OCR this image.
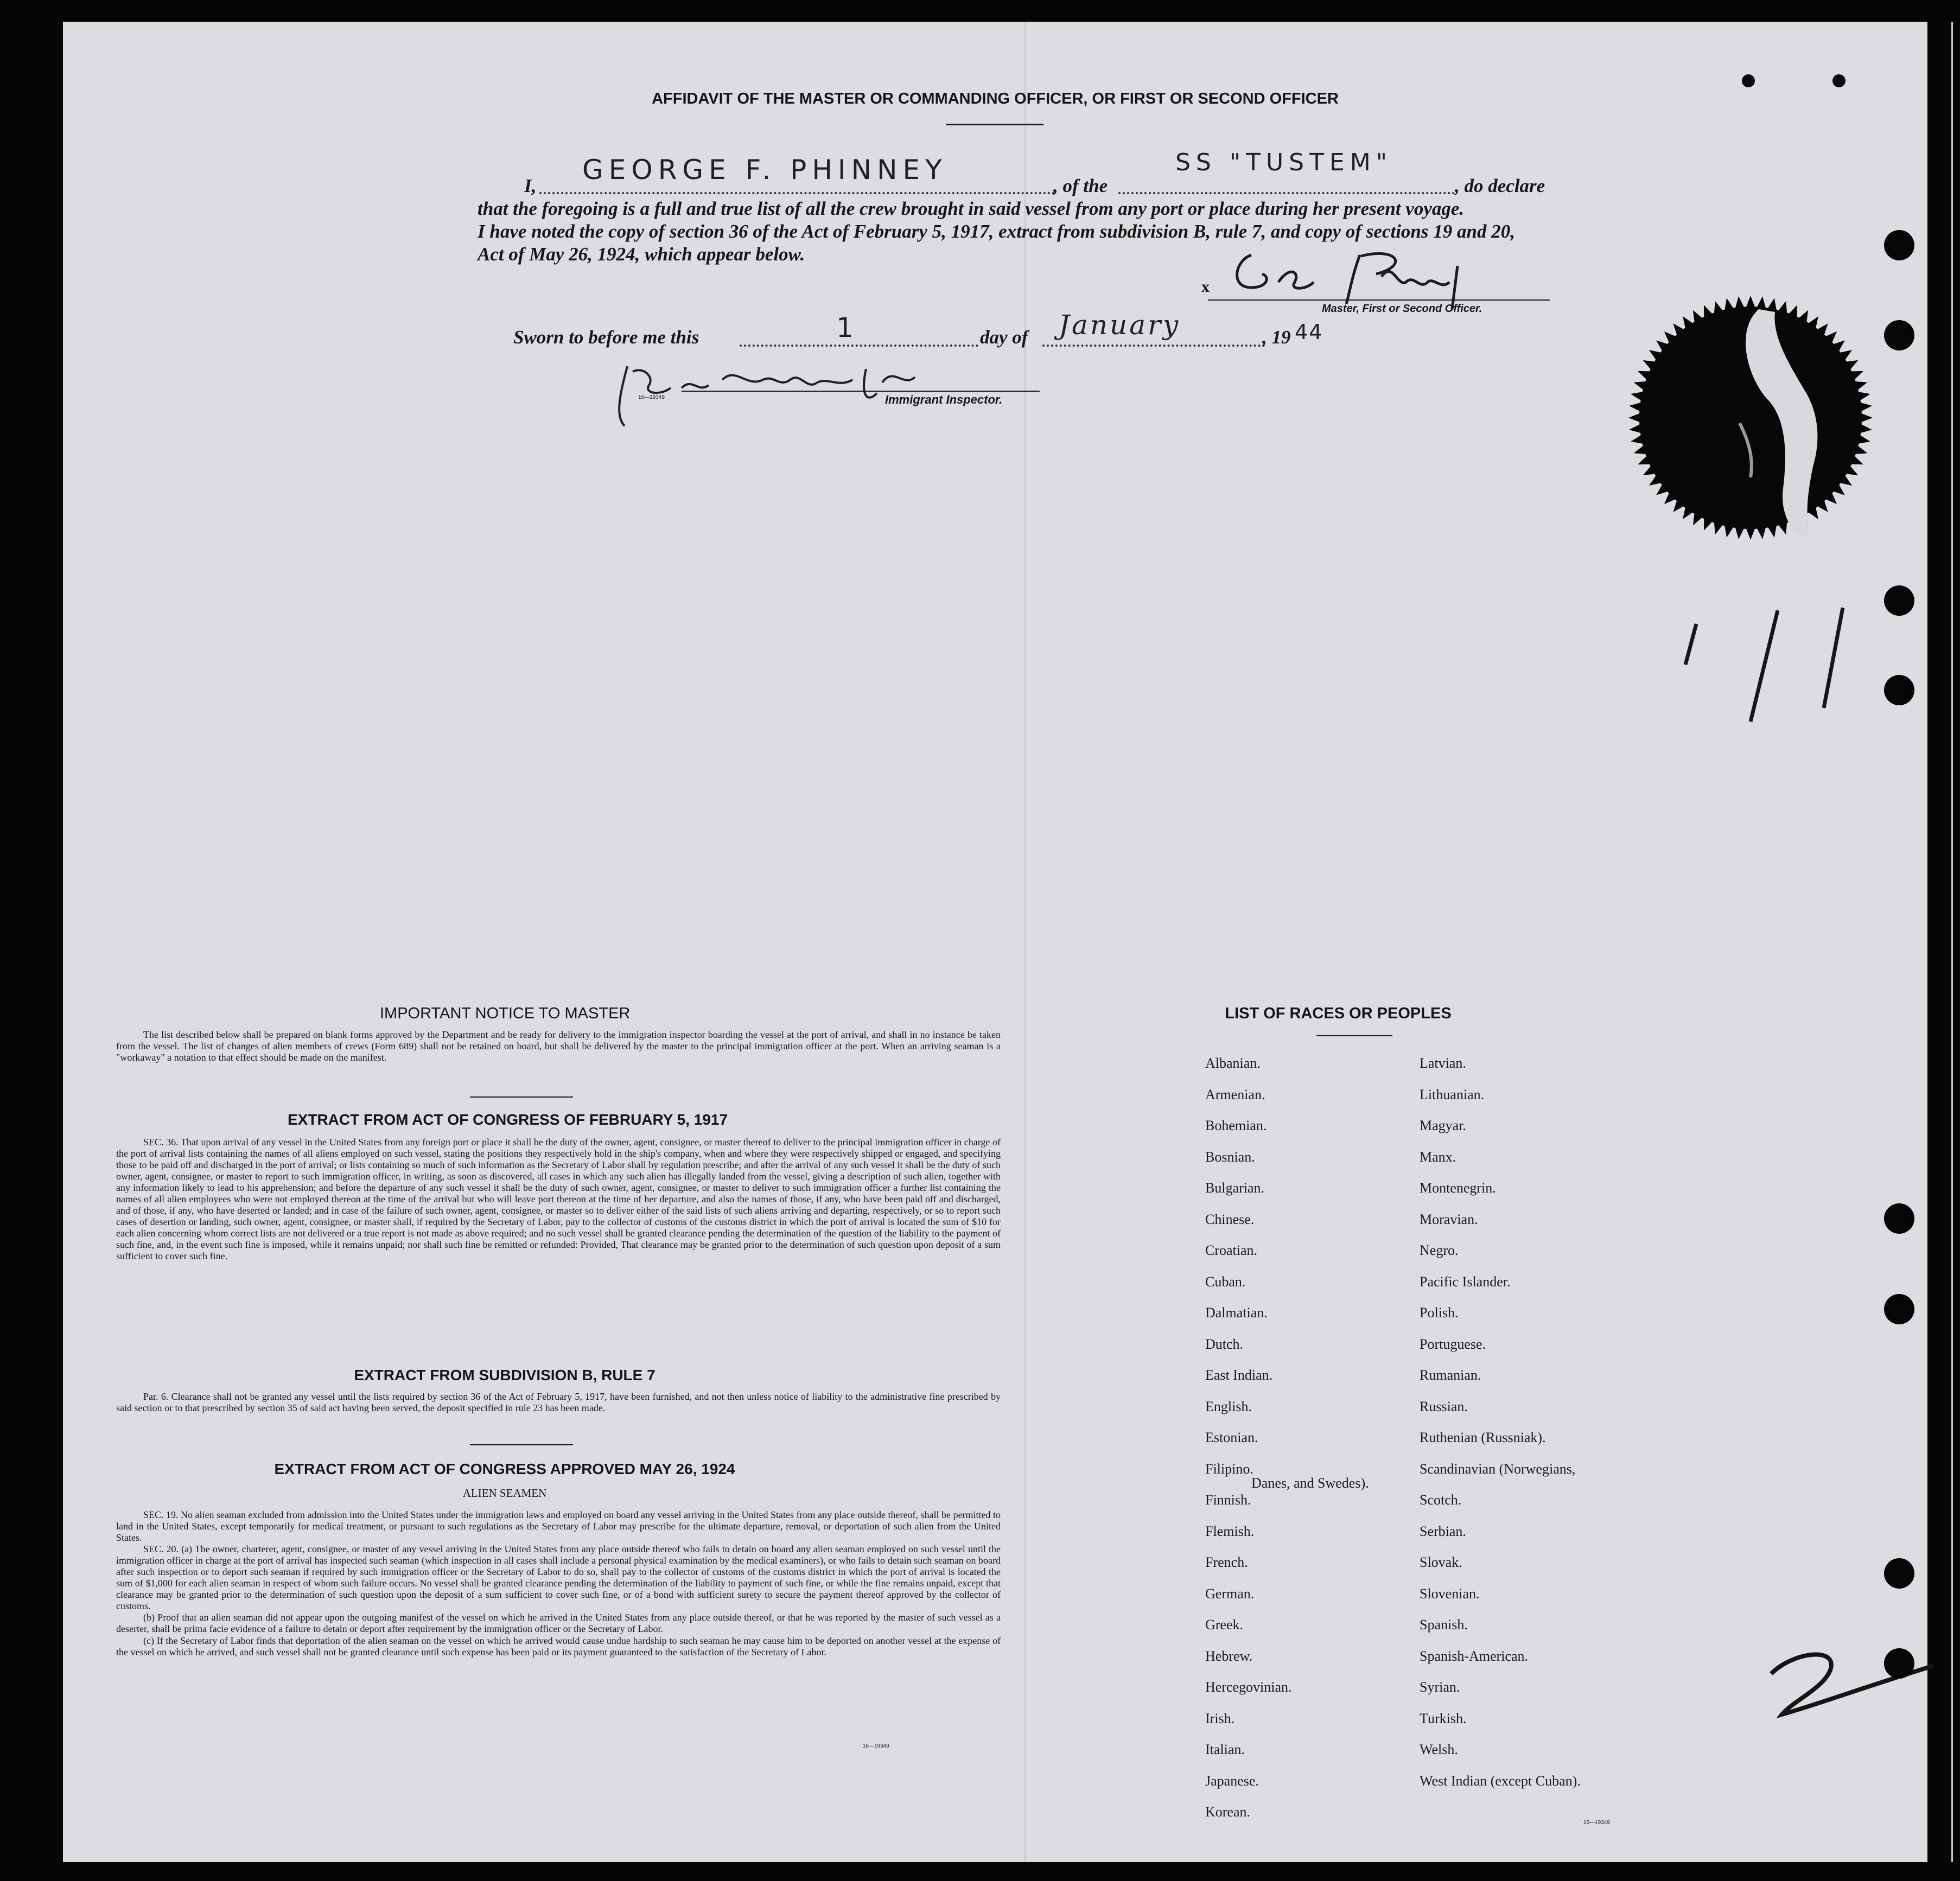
AFFIDAVIT OF THE MASTER OR COMMANDING OFFICER, OR FIRST OR SECOND OFFICER
I,
GEORGE F. PHINNEY
, of the
SS "TUSTEM"
, do declare
that the foregoing is a full and true list of all the crew brought in said vessel from any port or place during her present voyage.
I have noted the copy of section 36 of the Act of February 5, 1917, extract from subdivision B, rule 7, and copy of sections 19 and 20,
Act of May 26, 1924, which appear below.
x
Master, First or Second Officer.
Sworn to before me this	1	day of January	, 19 44
16—19349	Immigrant Inspector.
IMPORTANT NOTICE TO MASTER

The list described below shall be prepared on blank forms approved by the Department and be ready for delivery to the immigration inspector boarding the vessel at the port of arrival, and shall in no instance be taken from the vessel. The list of changes of alien members of crews (Form 689) shall not be retained on board, but shall be delivered by the master to the principal immigration officer at the port. When an arriving seaman is a "workaway" a notation to that effect should be made on the manifest.

EXTRACT FROM ACT OF CONGRESS OF FEBRUARY 5, 1917

SEC. 36. That upon arrival of any vessel in the United States from any foreign port or place it shall be the duty of the owner, agent, consignee, or master thereof to deliver to the principal immigration officer in charge of the port of arrival lists containing the names of all aliens employed on such vessel, stating the positions they respectively hold in the ship's company, when and where they were respectively shipped or engaged, and specifying those to be paid off and discharged in the port of arrival; or lists containing so much of such information as the Secretary of Labor shall by regulation prescribe; and after the arrival of any such vessel it shall be the duty of such owner, agent, consignee, or master to report to such immigration officer, in writing, as soon as discovered, all cases in which any such alien has illegally landed from the vessel, giving a description of such alien, together with any information likely to lead to his apprehension; and before the departure of any such vessel it shall be the duty of such owner, agent, consignee, or master to deliver to such immigration officer a further list containing the names of all alien employees who were not employed thereon at the time of the arrival but who will leave port thereon at the time of her departure, and also the names of those, if any, who have been paid off and discharged, and of those, if any, who have deserted or landed; and in case of the failure of such owner, agent, consignee, or master so to deliver either of the said lists of such aliens arriving and departing, respectively, or so to report such cases of desertion or landing, such owner, agent, consignee, or master shall, if required by the Secretary of Labor, pay to the collector of customs of the customs district in which the port of arrival is located the sum of $10 for each alien concerning whom correct lists are not delivered or a true report is not made as above required; and no such vessel shall be granted clearance pending the determination of the question of the liability to the payment of such fine, and, in the event such fine is imposed, while it remains unpaid; nor shall such fine be remitted or refunded: Provided, That clearance may be granted prior to the determination of such question upon deposit of a sum sufficient to cover such fine.

EXTRACT FROM SUBDIVISION B, RULE 7

Par. 6. Clearance shall not be granted any vessel until the lists required by section 36 of the Act of February 5, 1917, have been furnished, and not then unless notice of liability to the administrative fine prescribed by said section or to that prescribed by section 35 of said act having been served, the deposit specified in rule 23 has been made.

EXTRACT FROM ACT OF CONGRESS APPROVED MAY 26, 1924
ALIEN SEAMEN

SEC. 19. No alien seaman excluded from admission into the United States under the immigration laws and employed on board any vessel arriving in the United States from any place outside thereof, shall be permitted to land in the United States, except temporarily for medical treatment, or pursuant to such regulations as the Secretary of Labor may prescribe for the ultimate departure, removal, or deportation of such alien from the United States.

SEC. 20. (a) The owner, charterer, agent, consignee, or master of any vessel arriving in the United States from any place outside thereof who fails to detain on board any alien seaman employed on such vessel until the immigration officer in charge at the port of arrival has inspected such seaman (which inspection in all cases shall include a personal physical examination by the medical examiners), or who fails to detain such seaman on board after such inspection or to deport such seaman if required by such immigration officer or the Secretary of Labor to do so, shall pay to the collector of customs of the customs district in which the port of arrival is located the sum of $1,000 for each alien seaman in respect of whom such failure occurs. No vessel shall be granted clearance pending the determination of the liability to payment of such fine, or while the fine remains unpaid, except that clearance may be granted prior to the determination of such question upon the deposit of a sum sufficient to cover such fine, or of a bond with sufficient surety to secure the payment thereof approved by the collector of customs.

(b) Proof that an alien seaman did not appear upon the outgoing manifest of the vessel on which he arrived in the United States from any place outside thereof, or that he was reported by the master of such vessel as a deserter, shall be prima facie evidence of a failure to detain or deport after requirement by the immigration officer or the Secretary of Labor.

(c) If the Secretary of Labor finds that deportation of the alien seaman on the vessel on which he arrived would cause undue hardship to such seaman he may cause him to be deported on another vessel at the expense of the vessel on which he arrived, and such vessel shall not be granted clearance until such expense has been paid or its payment guaranteed to the satisfaction of the Secretary of Labor.

16—19349
LIST OF RACES OR PEOPLES
Albanian.
Armenian.
Bohemian.
Bosnian.
Bulgarian.
Chinese.
Croatian.
Cuban.
Dalmatian.
Dutch.
East Indian.
English.
Estonian.
Filipino.
Finnish.
Flemish.
French.
German.
Greek.
Hebrew.
Hercegovinian.
Irish.
Italian.
Japanese.
Korean.
Latvian.
Lithuanian.
Magyar.
Manx.
Montenegrin.
Moravian.
Negro.
Pacific Islander.
Polish.
Portuguese.
Rumanian.
Russian.
Ruthenian (Russniak).
Scandinavian (Norwegians,
Danes, and Swedes).
Scotch.
Serbian.
Slovak.
Slovenian.
Spanish.
Spanish-American.
Syrian.
Turkish.
Welsh.
West Indian (except Cuban).
16—19349
